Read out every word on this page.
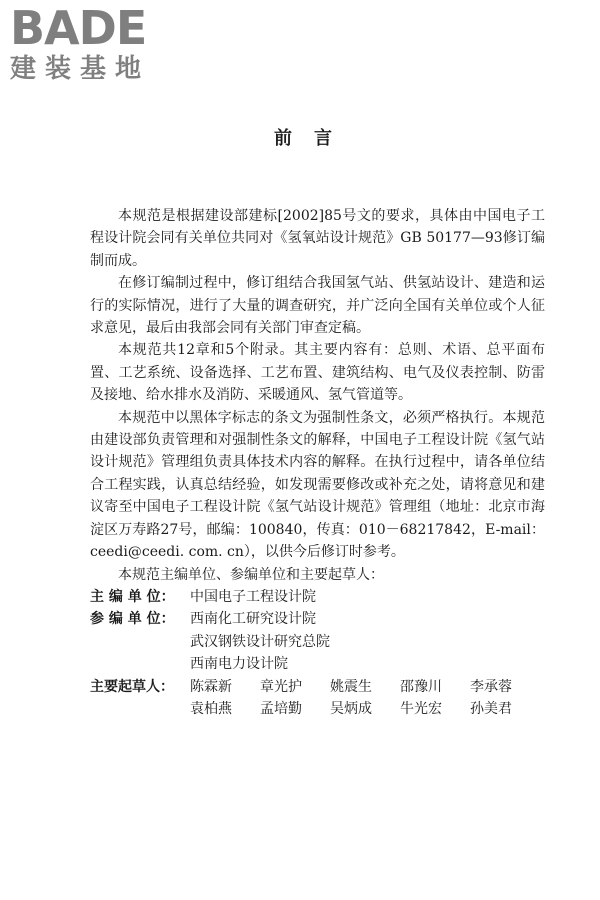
BADE
建装基地
前言

本规范是根据建设部建标[2002]85号文的要求，具体由中国电子工程设计院会同有关单位共同对《氢氧站设计规范》GB 50177—93修订编制而成。

在修订编制过程中，修订组结合我国氢气站、供氢站设计、建造和运行的实际情况，进行了大量的调查研究，并广泛向全国有关单位或个人征求意见，最后由我部会同有关部门审查定稿。

本规范共12章和5个附录。其主要内容有：总则、术语、总平面布置、工艺系统、设备选择、工艺布置、建筑结构、电气及仪表控制、防雷及接地、给水排水及消防、采暖通风、氢气管道等。

本规范中以黑体字标志的条文为强制性条文，必须严格执行。本规范由建设部负责管理和对强制性条文的解释，中国电子工程设计院《氢气站设计规范》管理组负责具体技术内容的解释。在执行过程中，请各单位结合工程实践，认真总结经验，如发现需要修改或补充之处，请将意见和建议寄至中国电子工程设计院《氢气站设计规范》管理组（地址：北京市海淀区万寿路27号，邮编：100840，传真：010－68217842，E-mail：ceedi@ceedi. com. cn），以供今后修订时参考。

本规范主编单位、参编单位和主要起草人：

主 编 单 位：	中国电子工程设计院
参 编 单 位：	西南化工研究设计院
武汉钢铁设计研究总院
西南电力设计院
主要起草人：	陈霖新	章光护	姚震生	邵豫川	李承蓉
袁柏燕	孟培勤	吴炳成	牛光宏	孙美君
